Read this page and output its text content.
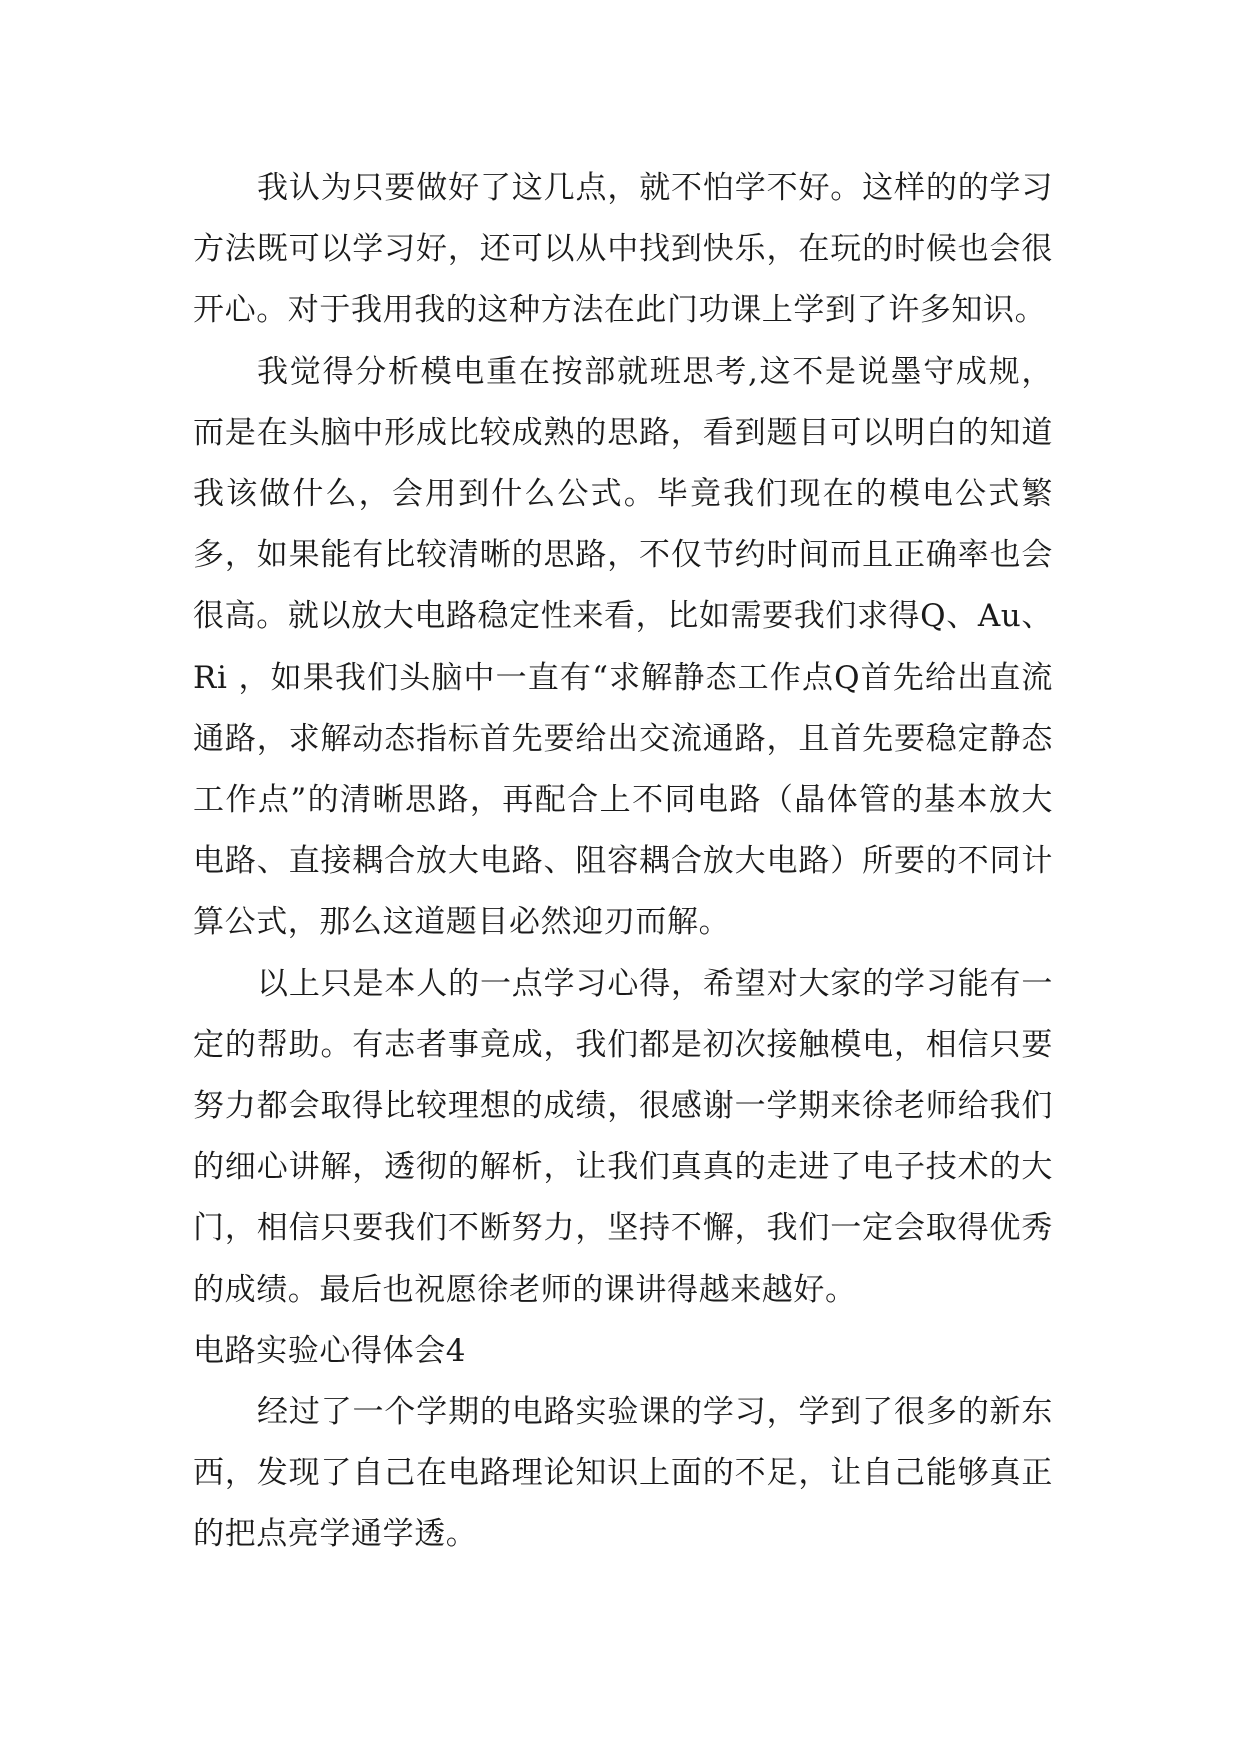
我认为只要做好了这几点，就不怕学不好。这样的的学习方法既可以学习好，还可以从中找到快乐，在玩的时候也会很开心。对于我用我的这种方法在此门功课上学到了许多知识。

我觉得分析模电重在按部就班思考,这不是说墨守成规，而是在头脑中形成比较成熟的思路，看到题目可以明白的知道我该做什么，会用到什么公式。毕竟我们现在的模电公式繁多，如果能有比较清晰的思路，不仅节约时间而且正确率也会很高。就以放大电路稳定性来看，比如需要我们求得Q、Au、Ri ，如果我们头脑中一直有“求解静态工作点Q首先给出直流通路，求解动态指标首先要给出交流通路，且首先要稳定静态工作点”的清晰思路，再配合上不同电路（晶体管的基本放大电路、直接耦合放大电路、阻容耦合放大电路）所要的不同计算公式，那么这道题目必然迎刃而解。

以上只是本人的一点学习心得，希望对大家的学习能有一定的帮助。有志者事竟成，我们都是初次接触模电，相信只要努力都会取得比较理想的成绩，很感谢一学期来徐老师给我们的细心讲解，透彻的解析，让我们真真的走进了电子技术的大门，相信只要我们不断努力，坚持不懈，我们一定会取得优秀的成绩。最后也祝愿徐老师的课讲得越来越好。

电路实验心得体会4

经过了一个学期的电路实验课的学习，学到了很多的新东西，发现了自己在电路理论知识上面的不足，让自己能够真正的把点亮学通学透。
